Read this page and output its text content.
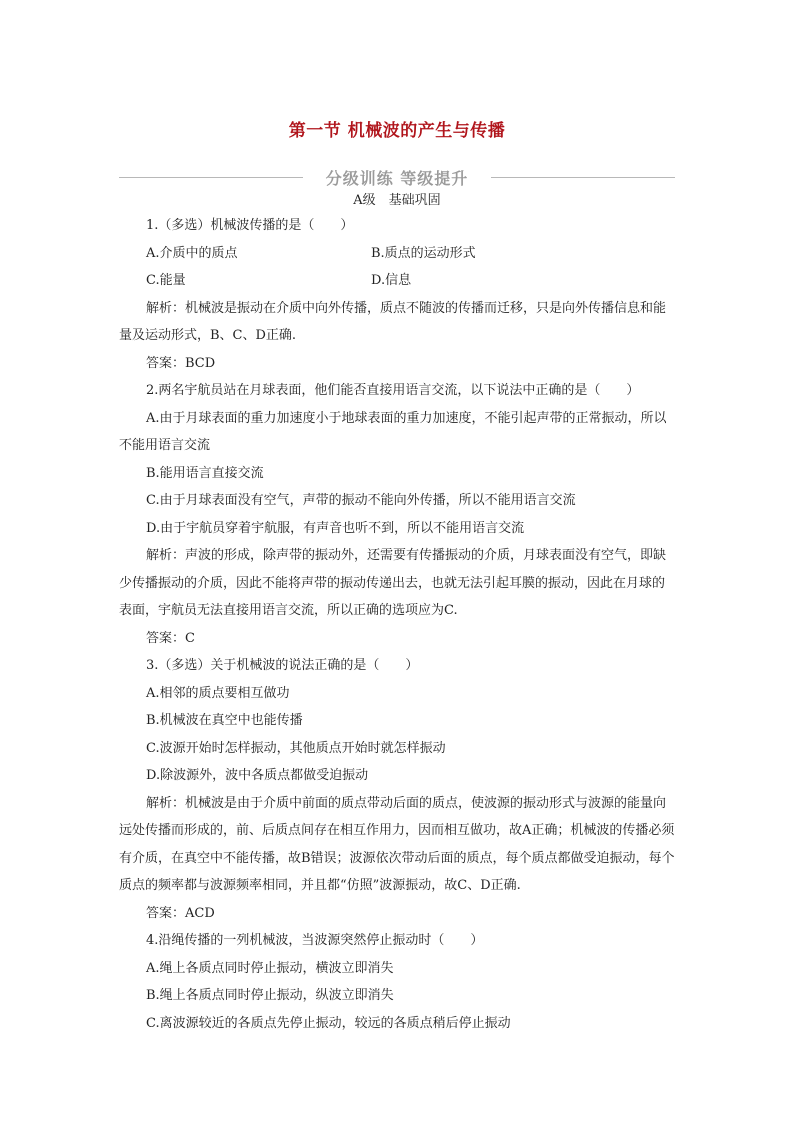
第一节 机械波的产生与传播
分级训练 等级提升
A级　基础巩固

1.（多选）机械波传播的是（　　）

A.介质中的质点	B.质点的运动形式
C.能量	D.信息

解析：机械波是振动在介质中向外传播，质点不随波的传播而迁移，只是向外传播信息和能量及运动形式，B、C、D正确.

答案：BCD

2.两名宇航员站在月球表面，他们能否直接用语言交流，以下说法中正确的是（　　）

A.由于月球表面的重力加速度小于地球表面的重力加速度，不能引起声带的正常振动，所以不能用语言交流

B.能用语言直接交流

C.由于月球表面没有空气，声带的振动不能向外传播，所以不能用语言交流

D.由于宇航员穿着宇航服，有声音也听不到，所以不能用语言交流

解析：声波的形成，除声带的振动外，还需要有传播振动的介质，月球表面没有空气，即缺少传播振动的介质，因此不能将声带的振动传递出去，也就无法引起耳膜的振动，因此在月球的表面，宇航员无法直接用语言交流，所以正确的选项应为C.

答案：C

3.（多选）关于机械波的说法正确的是（　　）

A.相邻的质点要相互做功

B.机械波在真空中也能传播

C.波源开始时怎样振动，其他质点开始时就怎样振动

D.除波源外，波中各质点都做受迫振动

解析：机械波是由于介质中前面的质点带动后面的质点，使波源的振动形式与波源的能量向远处传播而形成的，前、后质点间存在相互作用力，因而相互做功，故A正确；机械波的传播必须有介质，在真空中不能传播，故B错误；波源依次带动后面的质点，每个质点都做受迫振动，每个质点的频率都与波源频率相同，并且都“仿照”波源振动，故C、D正确.

答案：ACD

4.沿绳传播的一列机械波，当波源突然停止振动时（　　）

A.绳上各质点同时停止振动，横波立即消失

B.绳上各质点同时停止振动，纵波立即消失

C.离波源较近的各质点先停止振动，较远的各质点稍后停止振动
